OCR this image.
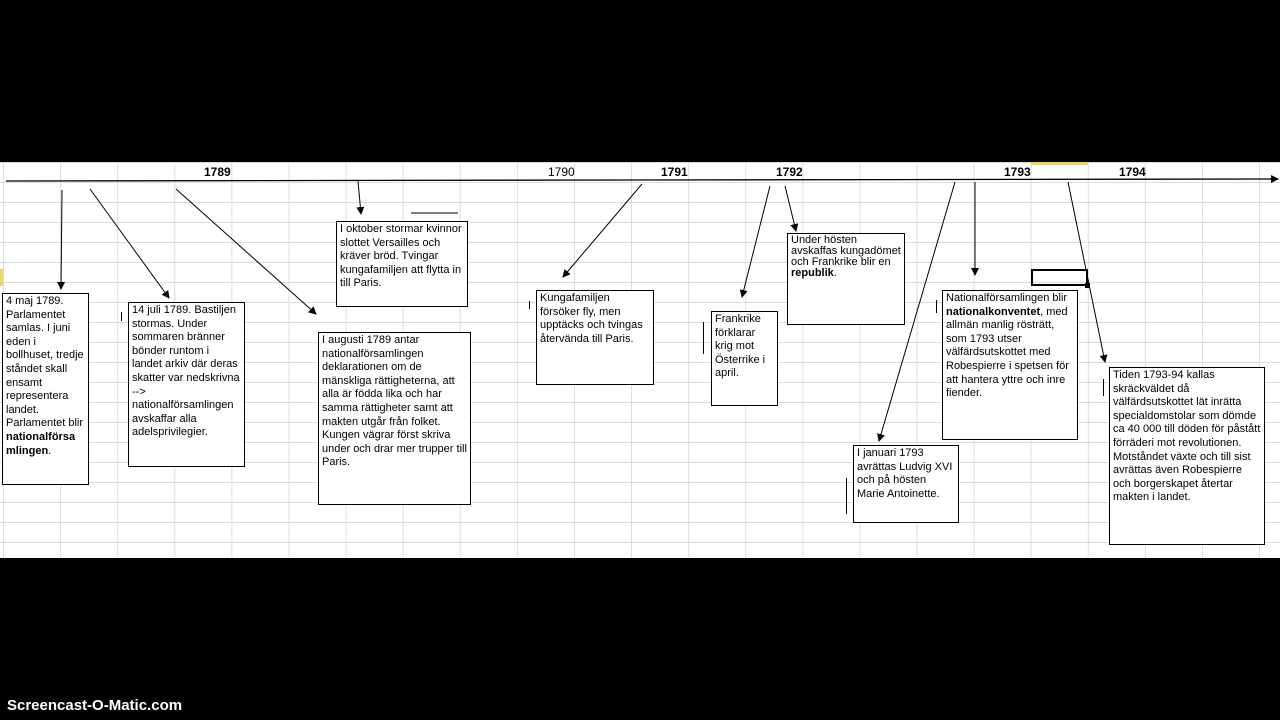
1789	1790	1791	1792	1793	1794
4 maj 1789. Parlamentet samlas. I juni eden i bollhuset, tredje ståndet skall ensamt representera landet. Parlamentet blir nationalförsa mlingen.
14 juli 1789. Bastiljen stormas. Under sommaren bränner bönder runtom i landet arkiv där deras skatter var nedskrivna --> nationalförsamlingen avskaffar alla adelsprivilegier.
I augusti 1789 antar nationalförsamlingen deklarationen om de mänskliga rättigheterna, att alla är födda lika och har samma rättigheter samt att makten utgår från folket. Kungen vägrar först skriva under och drar mer trupper till Paris.
I oktober stormar kvinnor slottet Versailles och kräver bröd. Tvingar kungafamiljen att flytta in till Paris.
Kungafamiljen försöker fly, men upptäcks och tvingas återvända till Paris.
Frankrike förklarar krig mot Österrike i april.
Under hösten avskaffas kungadömet och Frankrike blir en republik.
I januari 1793 avrättas Ludvig XVI och på hösten Marie Antoinette.
Nationalförsamlingen blir nationalkonventet, med allmän manlig rösträtt, som 1793 utser välfärdsutskottet med Robespierre i spetsen för att hantera yttre och inre fiender.
Tiden 1793-94 kallas skräckväldet då välfärdsutskottet lät inrätta specialdomstolar som dömde ca 40 000 till döden för påstått förräderi mot revolutionen. Motståndet växte och till sist avrättas även Robespierre och borgerskapet återtar makten i landet.
Screencast-O-Matic.com
